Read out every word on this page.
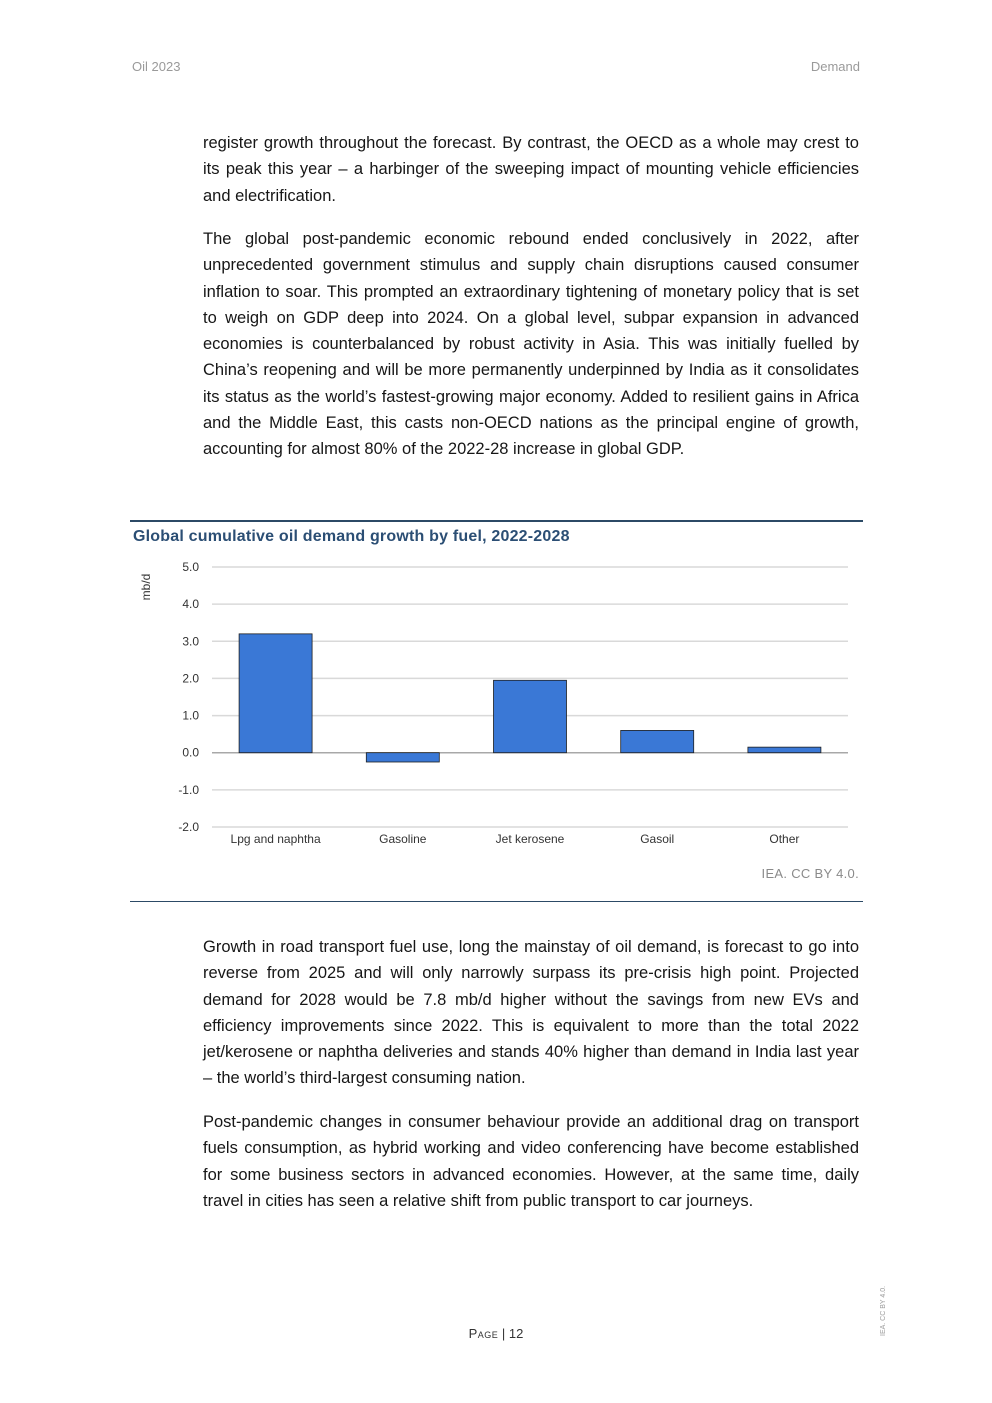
Oil 2023	Demand

register growth throughout the forecast. By contrast, the OECD as a whole may crest to its peak this year – a harbinger of the sweeping impact of mounting vehicle efficiencies and electrification.

The global post-pandemic economic rebound ended conclusively in 2022, after unprecedented government stimulus and supply chain disruptions caused consumer inflation to soar. This prompted an extraordinary tightening of monetary policy that is set to weigh on GDP deep into 2024. On a global level, subpar expansion in advanced economies is counterbalanced by robust activity in Asia. This was initially fuelled by China’s reopening and will be more permanently underpinned by India as it consolidates its status as the world’s fastest-growing major economy. Added to resilient gains in Africa and the Middle East, this casts non-OECD nations as the principal engine of growth, accounting for almost 80% of the 2022-28 increase in global GDP.

Global cumulative oil demand growth by fuel, 2022-2028
5.0
4.0
3.0
2.0
1.0
0.0
-1.0
-2.0
Lpg and naphtha	Gasoline	Jet kerosene	Gasoil	Other
mb/d
IEA. CC BY 4.0.

Growth in road transport fuel use, long the mainstay of oil demand, is forecast to go into reverse from 2025 and will only narrowly surpass its pre-crisis high point. Projected demand for 2028 would be 7.8 mb/d higher without the savings from new EVs and efficiency improvements since 2022. This is equivalent to more than the total 2022 jet/kerosene or naphtha deliveries and stands 40% higher than demand in India last year – the world’s third-largest consuming nation.

Post-pandemic changes in consumer behaviour provide an additional drag on transport fuels consumption, as hybrid working and video conferencing have become established for some business sectors in advanced economies. However, at the same time, daily travel in cities has seen a relative shift from public transport to car journeys.

Page | 12	IEA. CC BY 4.0.
